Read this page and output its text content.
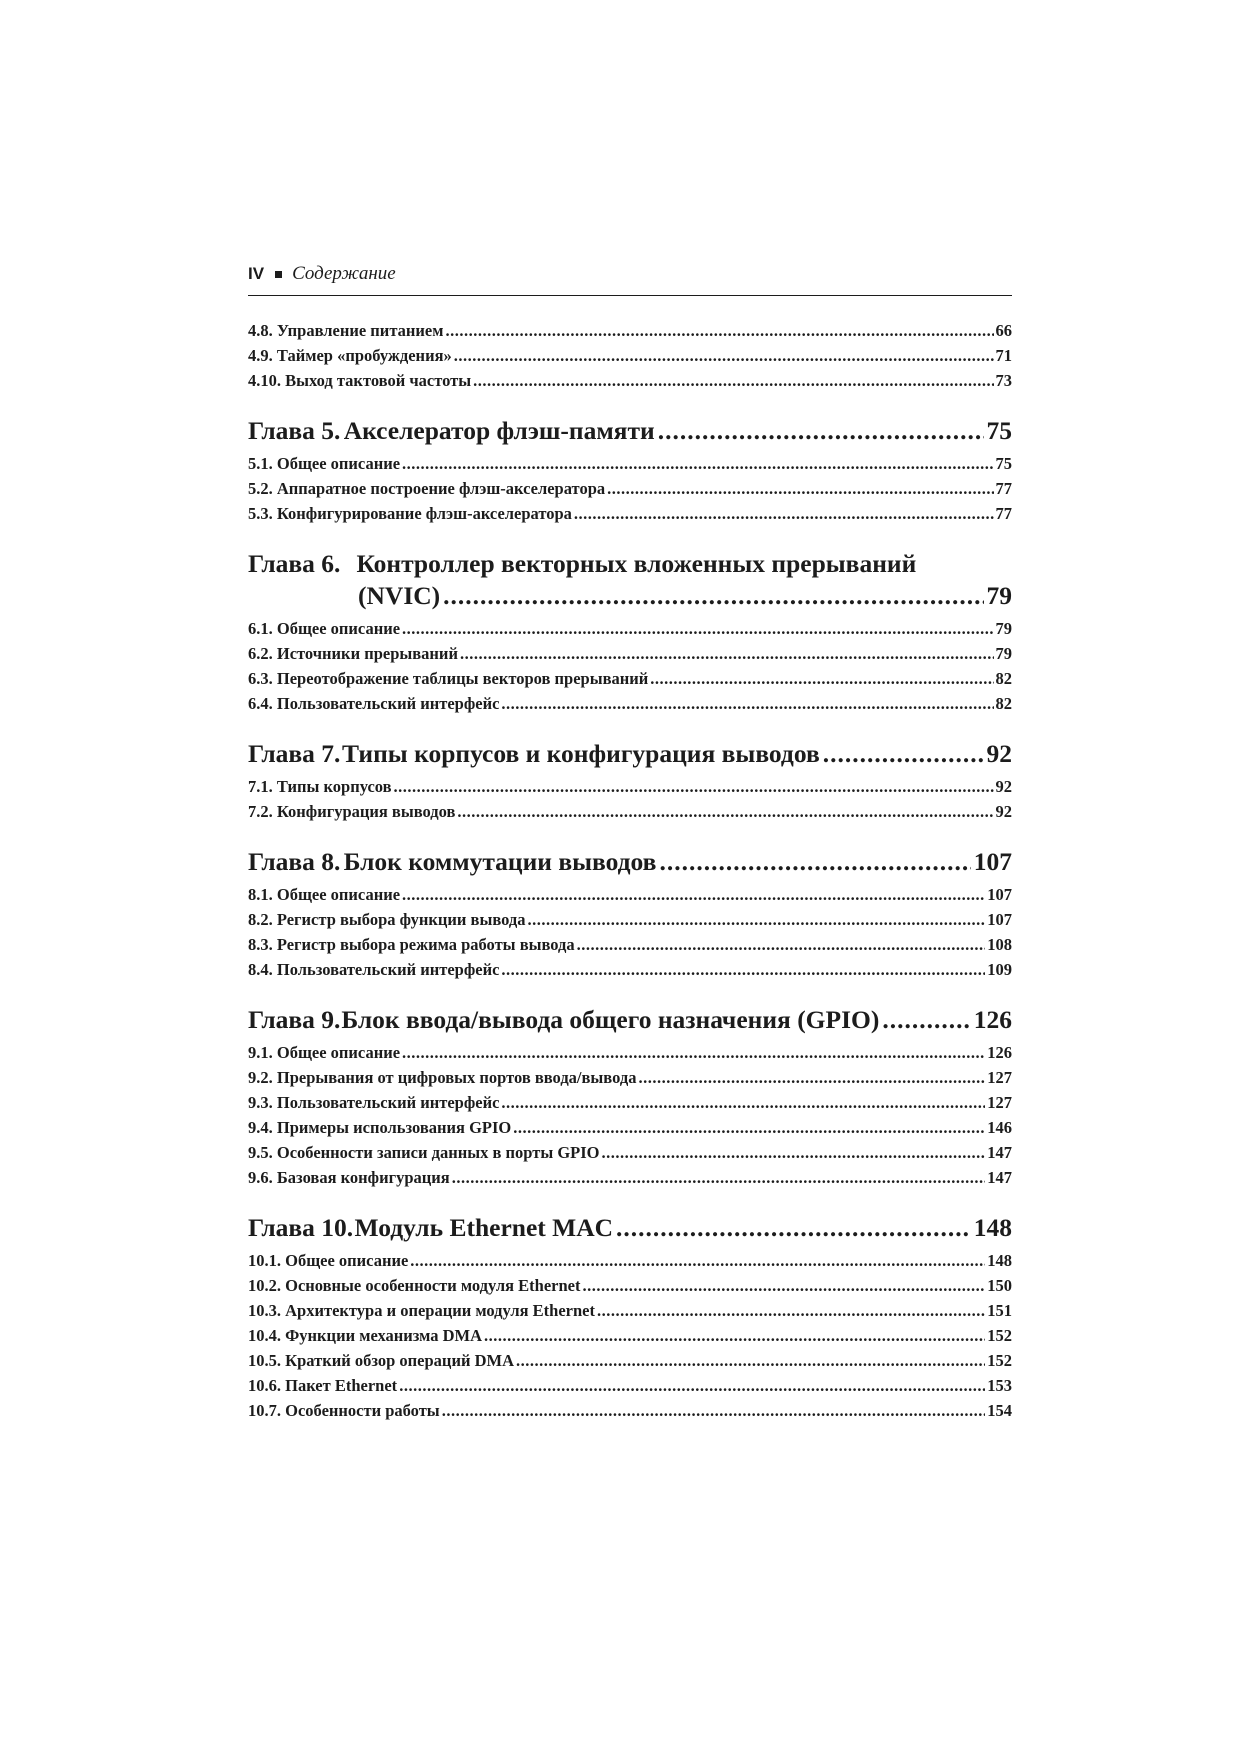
IV Содержание
4.8. Управление питанием .....	66
4.9. Таймер «пробуждения» .....	71
4.10. Выход тактовой частоты .....	73
Глава 5. Акселератор флэш-памяти .....	75
5.1. Общее описание .....	75
5.2. Аппаратное построение флэш-акселератора .....	77
5.3. Конфигурирование флэш-акселератора .....	77
Глава 6. Контроллер векторных вложенных прерываний
(NVIC) .....	79
6.1. Общее описание .....	79
6.2. Источники прерываний .....	79
6.3. Переотображение таблицы векторов прерываний .....	82
6.4. Пользовательский интерфейс .....	82
Глава 7. Типы корпусов и конфигурация выводов .....	92
7.1. Типы корпусов .....	92
7.2. Конфигурация выводов .....	92
Глава 8. Блок коммутации выводов .....	107
8.1. Общее описание .....	107
8.2. Регистр выбора функции вывода .....	107
8.3. Регистр выбора режима работы вывода .....	108
8.4. Пользовательский интерфейс .....	109
Глава 9. Блок ввода/вывода общего назначения (GPIO) .....	126
9.1. Общее описание .....	126
9.2. Прерывания от цифровых портов ввода/вывода .....	127
9.3. Пользовательский интерфейс .....	127
9.4. Примеры использования GPIO .....	146
9.5. Особенности записи данных в порты GPIO .....	147
9.6. Базовая конфигурация .....	147
Глава 10. Модуль Ethernet MAC .....	148
10.1. Общее описание .....	148
10.2. Основные особенности модуля Ethernet .....	150
10.3. Архитектура и операции модуля Ethernet .....	151
10.4. Функции механизма DMA .....	152
10.5. Краткий обзор операций DMA .....	152
10.6. Пакет Ethernet .....	153
10.7. Особенности работы .....	154
